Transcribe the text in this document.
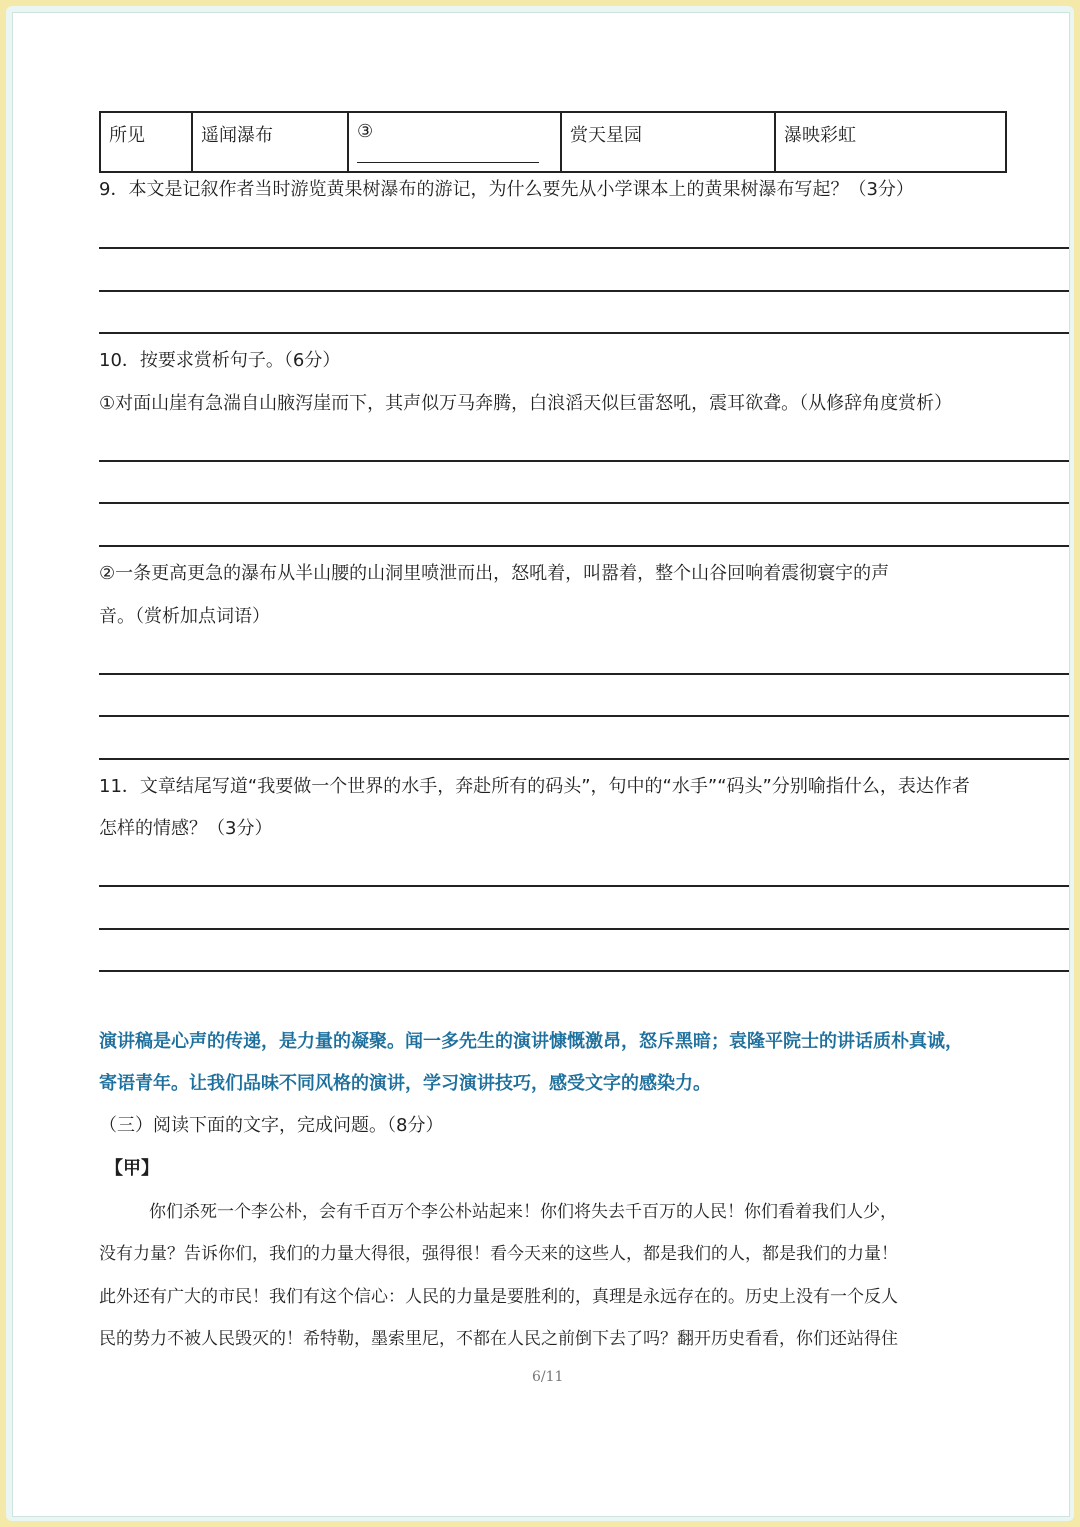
所见	遥闻瀑布	③	赏天星园	瀑映彩虹
9．本文是记叙作者当时游览黄果树瀑布的游记，为什么要先从小学课本上的黄果树瀑布写起？（3分）
10．按要求赏析句子。（6分）
①对面山崖有急湍自山腋泻崖而下，其声似万马奔腾，白浪滔天似巨雷怒吼，震耳欲聋。（从修辞角度赏析）
②一条更高更急的瀑布从半山腰的山洞里喷泄而出，怒吼着，叫嚣着，整个山谷回响着震彻寰宇的声
音。（赏析加点词语）
11．文章结尾写道“我要做一个世界的水手，奔赴所有的码头”，句中的“水手”“码头”分别喻指什么，表达作者
怎样的情感？（3分）
演讲稿是心声的传递，是力量的凝聚。闻一多先生的演讲慷慨激昂，怒斥黑暗；袁隆平院士的讲话质朴真诚，
寄语青年。让我们品味不同风格的演讲，学习演讲技巧，感受文字的感染力。
（三）阅读下面的文字，完成问题。（8分）
【甲】
你们杀死一个李公朴，会有千百万个李公朴站起来！你们将失去千百万的人民！你们看着我们人少，
没有力量？告诉你们，我们的力量大得很，强得很！看今天来的这些人，都是我们的人，都是我们的力量！
此外还有广大的市民！我们有这个信心：人民的力量是要胜利的，真理是永远存在的。历史上没有一个反人
民的势力不被人民毁灭的！希特勒，墨索里尼，不都在人民之前倒下去了吗？翻开历史看看，你们还站得住
6/11
